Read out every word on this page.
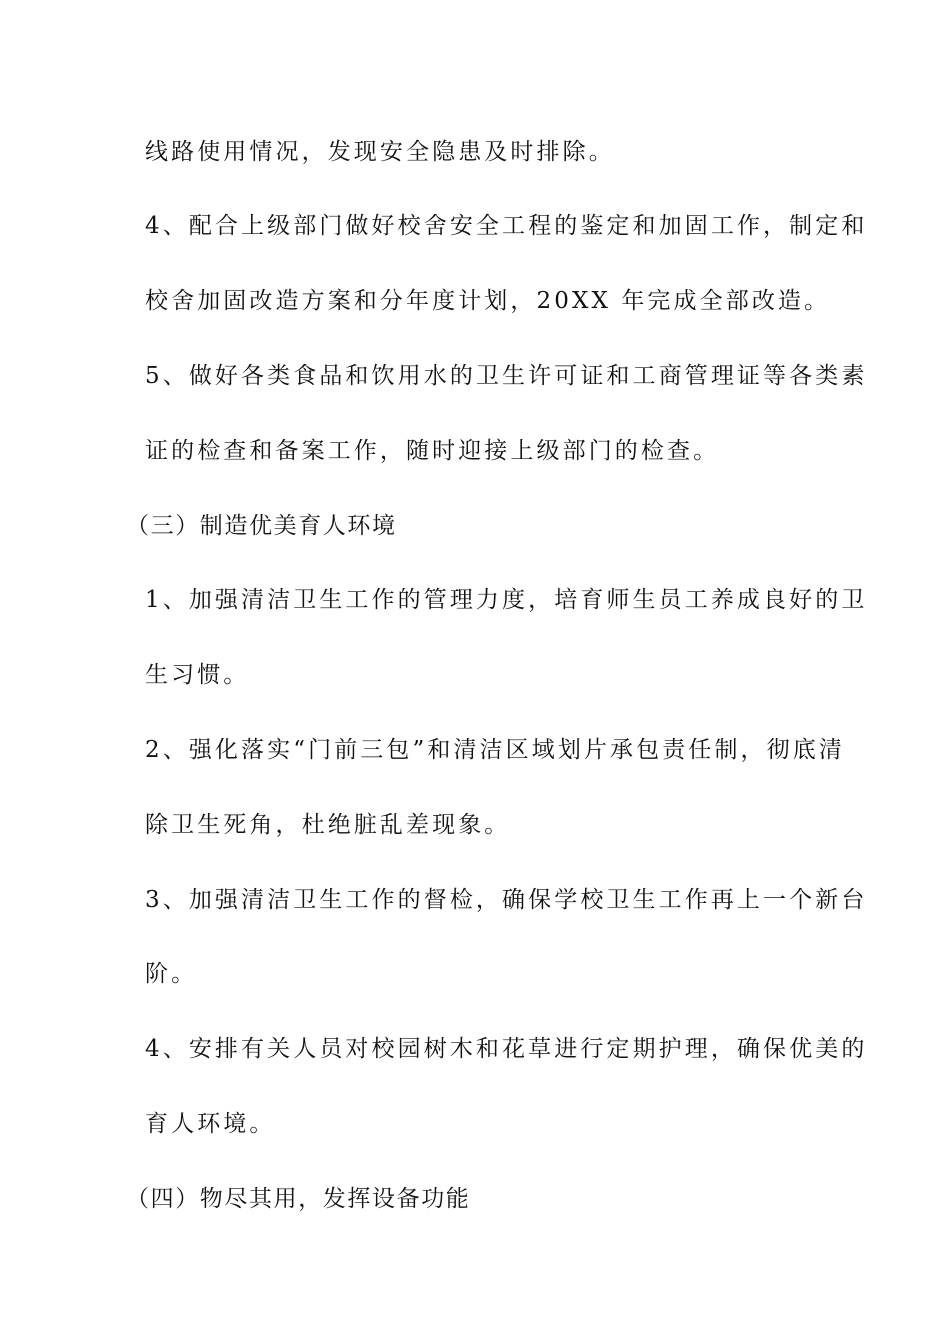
线路使用情况，发现安全隐患及时排除。
4、配合上级部门做好校舍安全工程的鉴定和加固工作，制定和
校舍加固改造方案和分年度计划，20XX 年完成全部改造。
5、做好各类食品和饮用水的卫生许可证和工商管理证等各类素
证的检查和备案工作，随时迎接上级部门的检查。
（三）制造优美育人环境
1、加强清洁卫生工作的管理力度，培育师生员工养成良好的卫
生习惯。
2、强化落实“门前三包”和清洁区域划片承包责任制，彻底清
除卫生死角，杜绝脏乱差现象。
3、加强清洁卫生工作的督检，确保学校卫生工作再上一个新台
阶。
4、安排有关人员对校园树木和花草进行定期护理，确保优美的
育人环境。
（四）物尽其用，发挥设备功能
